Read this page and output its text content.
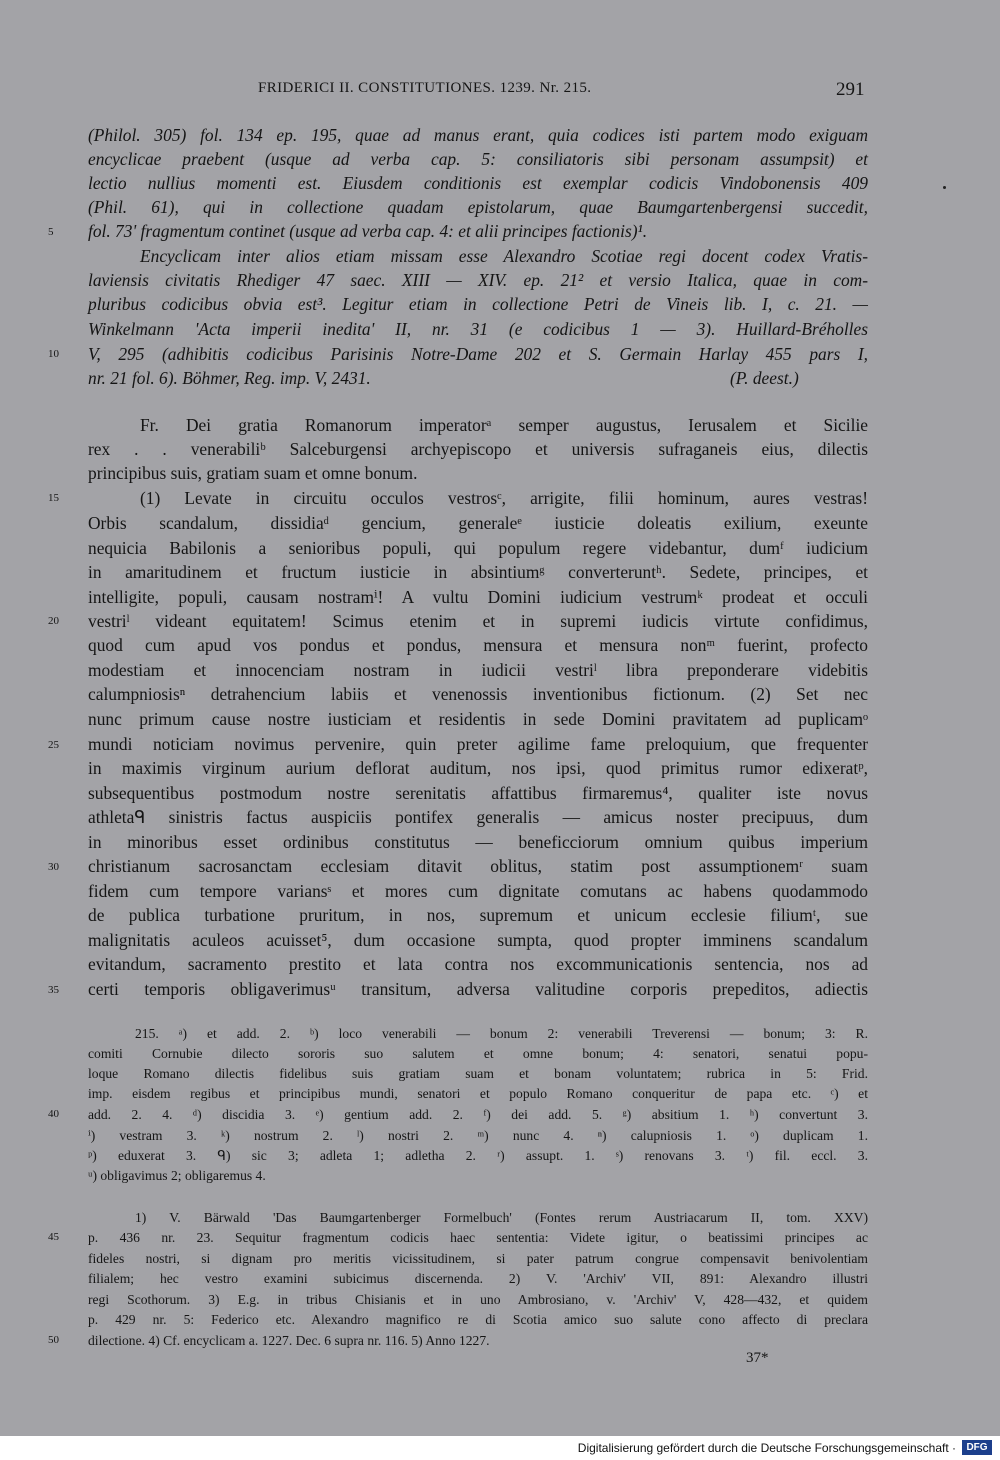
FRIDERICI II. CONSTITUTIONES. 1239. Nr. 215.	291
(Philol. 305) fol. 134 ep. 195, quae ad manus erant, quia codices isti partem modo exiguam
encyclicae praebent (usque ad verba cap. 5: consiliatoris sibi personam assumpsit) et
lectio nullius momenti est. Eiusdem conditionis est exemplar codicis Vindobonensis 409
(Phil. 61), qui in collectione quadam epistolarum, quae Baumgartenbergensi succedit,
fol. 73' fragmentum continet (usque ad verba cap. 4: et alii principes factionis)¹.
Encyclicam inter alios etiam missam esse Alexandro Scotiae regi docent codex Vratis-
laviensis civitatis Rhediger 47 saec. XIII — XIV. ep. 21² et versio Italica, quae in com-
pluribus codicibus obvia est³. Legitur etiam in collectione Petri de Vineis lib. I, c. 21. —
Winkelmann 'Acta imperii inedita' II, nr. 31 (e codicibus 1 — 3). Huillard-Bréholles
V, 295 (adhibitis codicibus Parisinis Notre-Dame 202 et S. Germain Harlay 455 pars I,
nr. 21 fol. 6). Böhmer, Reg. imp. V, 2431.	(P. deest.)
Fr. Dei gratia Romanorum imperatorᵃ semper augustus, Ierusalem et Sicilie
rex . . venerabiliᵇ Salceburgensi archyepiscopo et universis sufraganeis eius, dilectis
principibus suis, gratiam suam et omne bonum.
(1) Levate in circuitu occulos vestrosᶜ, arrigite, filii hominum, aures vestras!
Orbis scandalum, dissidiaᵈ gencium, generaleᵉ iusticie doleatis exilium, exeunte
nequicia Babilonis a senioribus populi, qui populum regere videbantur, dumᶠ iudicium
in amaritudinem et fructum iusticie in absintiumᵍ converteruntʰ. Sedete, principes, et
intelligite, populi, causam nostramⁱ! A vultu Domini iudicium vestrumᵏ prodeat et occuli
vestriˡ videant equitatem! Scimus etenim et in supremi iudicis virtute confidimus,
quod cum apud vos pondus et pondus, mensura et mensura nonᵐ fuerint, profecto
modestiam et innocenciam nostram in iudicii vestriˡ libra preponderare videbitis
calumpniosisⁿ detrahencium labiis et venenossis inventionibus fictionum. (2) Set nec
nunc primum cause nostre iusticiam et residentis in sede Domini pravitatem ad puplicamᵒ
mundi noticiam novimus pervenire, quin preter agilime fame preloquium, que frequenter
in maximis virginum aurium deflorat auditum, nos ipsi, quod primitus rumor edixeratᵖ,
subsequentibus postmodum nostre serenitatis affattibus firmaremus⁴, qualiter iste novus
athletaᑫ sinistris factus auspiciis pontifex generalis — amicus noster precipuus, dum
in minoribus esset ordinibus constitutus — beneficciorum omnium quibus imperium
christianum sacrosanctam ecclesiam ditavit oblitus, statim post assumptionemʳ suam
fidem cum tempore variansˢ et mores cum dignitate comutans ac habens quodammodo
de publica turbatione pruritum, in nos, supremum et unicum ecclesie filiumᵗ, sue
malignitatis aculeos acuisset⁵, dum occasione sumpta, quod propter imminens scandalum
evitandum, sacramento prestito et lata contra nos excommunicationis sentencia, nos ad
certi temporis obligaverimusᵘ transitum, adversa valitudine corporis prepeditos, adiectis
215. ᵃ) et add. 2. ᵇ) loco venerabili — bonum 2: venerabili Treverensi — bonum; 3: R.
comiti Cornubie dilecto sororis suo salutem et omne bonum; 4: senatori, senatui popu-
loque Romano dilectis fidelibus suis gratiam suam et bonam voluntatem; rubrica in 5: Frid.
imp. eisdem regibus et principibus mundi, senatori et populo Romano conqueritur de papa etc. ᶜ) et
add. 2. 4. ᵈ) discidia 3. ᵉ) gentium add. 2. ᶠ) dei add. 5. ᵍ) absitium 1. ʰ) convertunt 3.
ⁱ) vestram 3. ᵏ) nostrum 2. ˡ) nostri 2. ᵐ) nunc 4. ⁿ) calupniosis 1. ᵒ) duplicam 1.
ᵖ) eduxerat 3. ᑫ) sic 3; adleta 1; adletha 2. ʳ) assupt. 1. ˢ) renovans 3. ᵗ) fil. eccl. 3.
ᵘ) obligavimus 2; obligaremus 4.
1) V. Bärwald 'Das Baumgartenberger Formelbuch' (Fontes rerum Austriacarum II, tom. XXV)
p. 436 nr. 23. Sequitur fragmentum codicis haec sententia: Videte igitur, o beatissimi principes ac
fideles nostri, si dignam pro meritis vicissitudinem, si pater patrum congrue compensavit benivolentiam
filialem; hec vestro examini subicimus discernenda. 2) V. 'Archiv' VII, 891: Alexandro illustri
regi Scothorum. 3) E.g. in tribus Chisianis et in uno Ambrosiano, v. 'Archiv' V, 428—432, et quidem
p. 429 nr. 5: Federico etc. Alexandro magnifico re di Scotia amico suo salute cono affecto di preclara
dilectione. 4) Cf. encyclicam a. 1227. Dec. 6 supra nr. 116. 5) Anno 1227.
5
10
15
20
25
30
35
40
45
50
37*
Digitalisierung gefördert durch die Deutsche Forschungsgemeinschaft ·	DFG
